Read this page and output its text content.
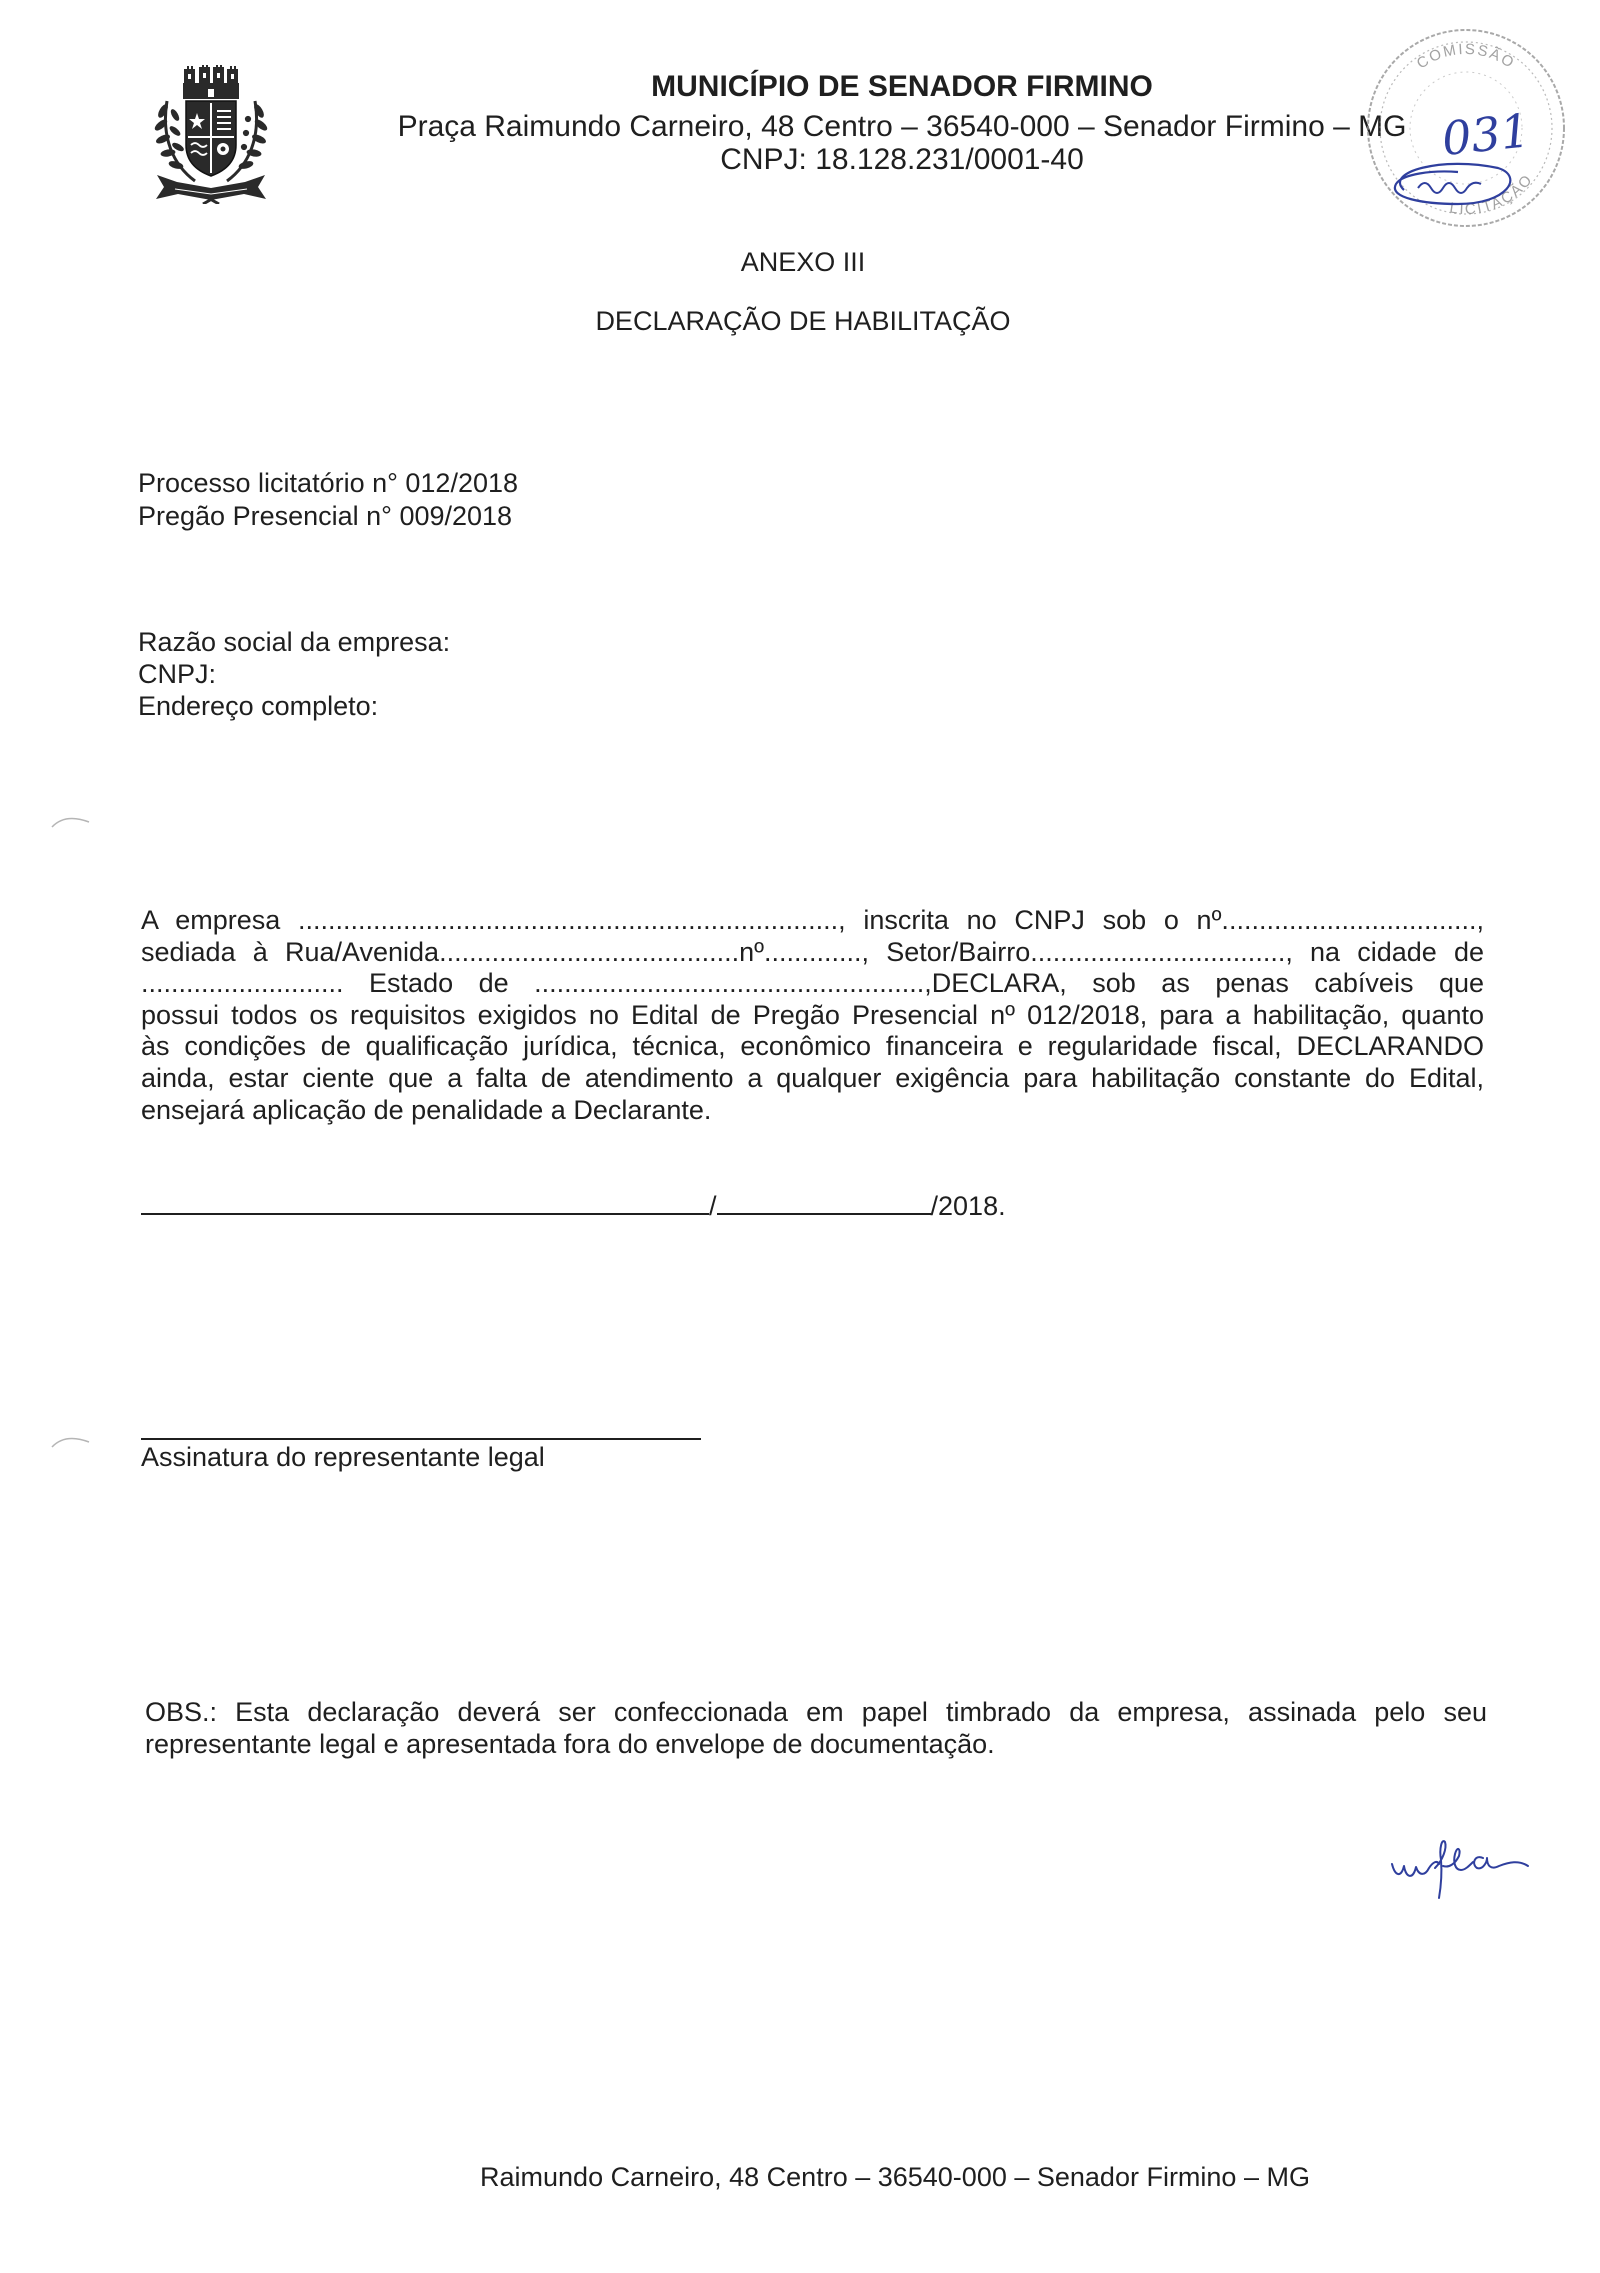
MUNICÍPIO DE SENADOR FIRMINO
Praça Raimundo Carneiro, 48 Centro – 36540-000 – Senador Firmino – MG
CNPJ: 18.128.231/0001-40
COMISSÃO
LICITAÇÃO
031
ANEXO III
DECLARAÇÃO DE HABILITAÇÃO
Processo licitatório n° 012/2018
Pregão Presencial n° 009/2018
Razão social da empresa:
CNPJ:
Endereço completo:
A empresa ........................................................................, inscrita no CNPJ sob o nº..................................,
sediada à Rua/Avenida........................................nº............., Setor/Bairro.................................., na cidade de
........................... Estado de ....................................................,DECLARA, sob as penas cabíveis que
possui todos os requisitos exigidos no Edital de Pregão Presencial nº 012/2018, para a habilitação, quanto
às condições de qualificação jurídica, técnica, econômico financeira e regularidade fiscal, DECLARANDO
ainda, estar ciente que a falta de atendimento a qualquer exigência para habilitação constante do Edital,
ensejará aplicação de penalidade a Declarante.
/	/2018.
Assinatura do representante legal
OBS.: Esta declaração deverá ser confeccionada em papel timbrado da empresa, assinada pelo seu
representante legal e apresentada fora do envelope de documentação.
Raimundo Carneiro, 48 Centro – 36540-000 – Senador Firmino – MG
